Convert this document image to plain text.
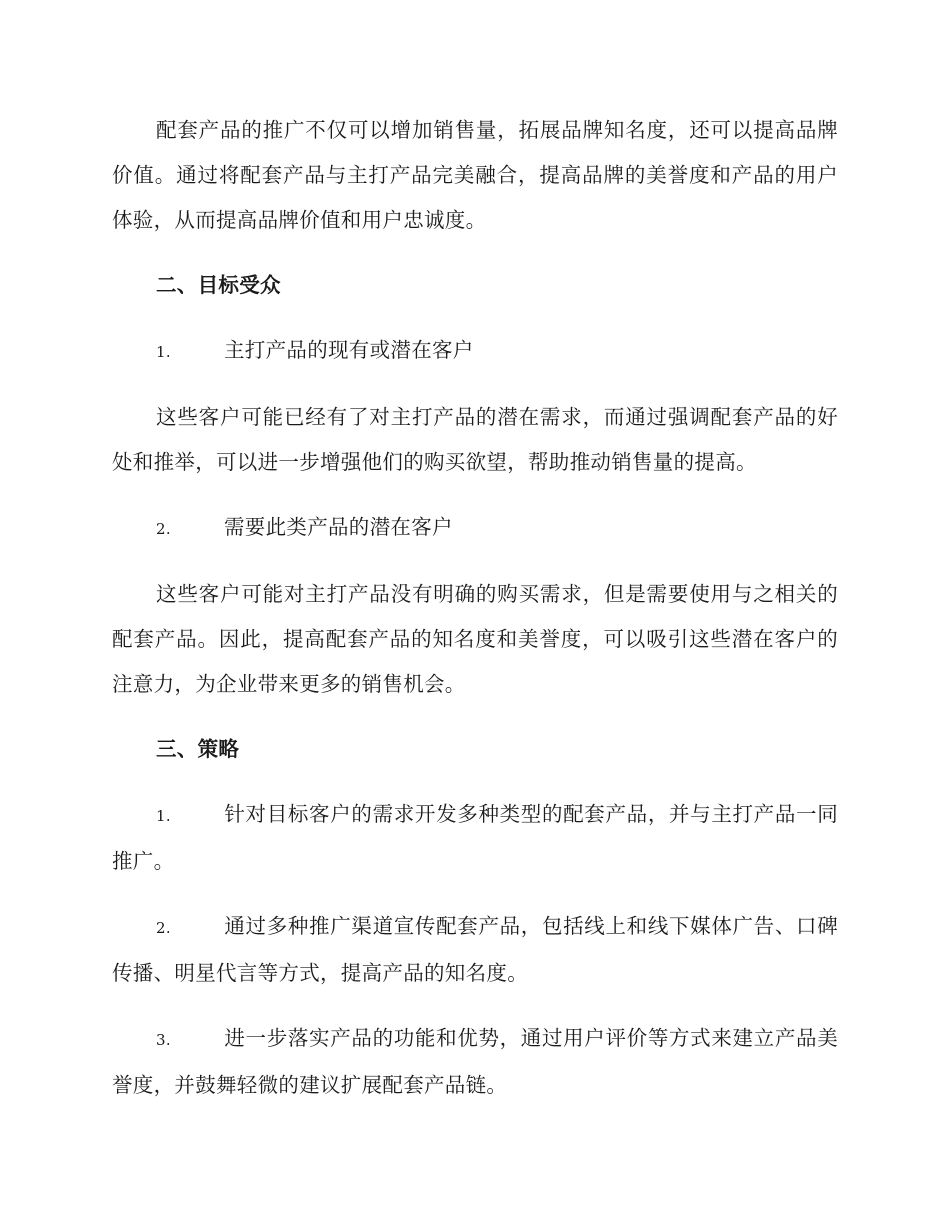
配套产品的推广不仅可以增加销售量，拓展品牌知名度，还可以提高品牌价值。通过将配套产品与主打产品完美融合，提高品牌的美誉度和产品的用户体验，从而提高品牌价值和用户忠诚度。

二、目标受众
1.	主打产品的现有或潜在客户

这些客户可能已经有了对主打产品的潜在需求，而通过强调配套产品的好处和推举，可以进一步增强他们的购买欲望，帮助推动销售量的提高。

2.	需要此类产品的潜在客户

这些客户可能对主打产品没有明确的购买需求，但是需要使用与之相关的配套产品。因此，提高配套产品的知名度和美誉度，可以吸引这些潜在客户的注意力，为企业带来更多的销售机会。

三、策略
1.	针对目标客户的需求开发多种类型的配套产品，并与主打产品一同推广。
2.	通过多种推广渠道宣传配套产品，包括线上和线下媒体广告、口碑传播、明星代言等方式，提高产品的知名度。
3.	进一步落实产品的功能和优势，通过用户评价等方式来建立产品美誉度，并鼓舞轻微的建议扩展配套产品链。
